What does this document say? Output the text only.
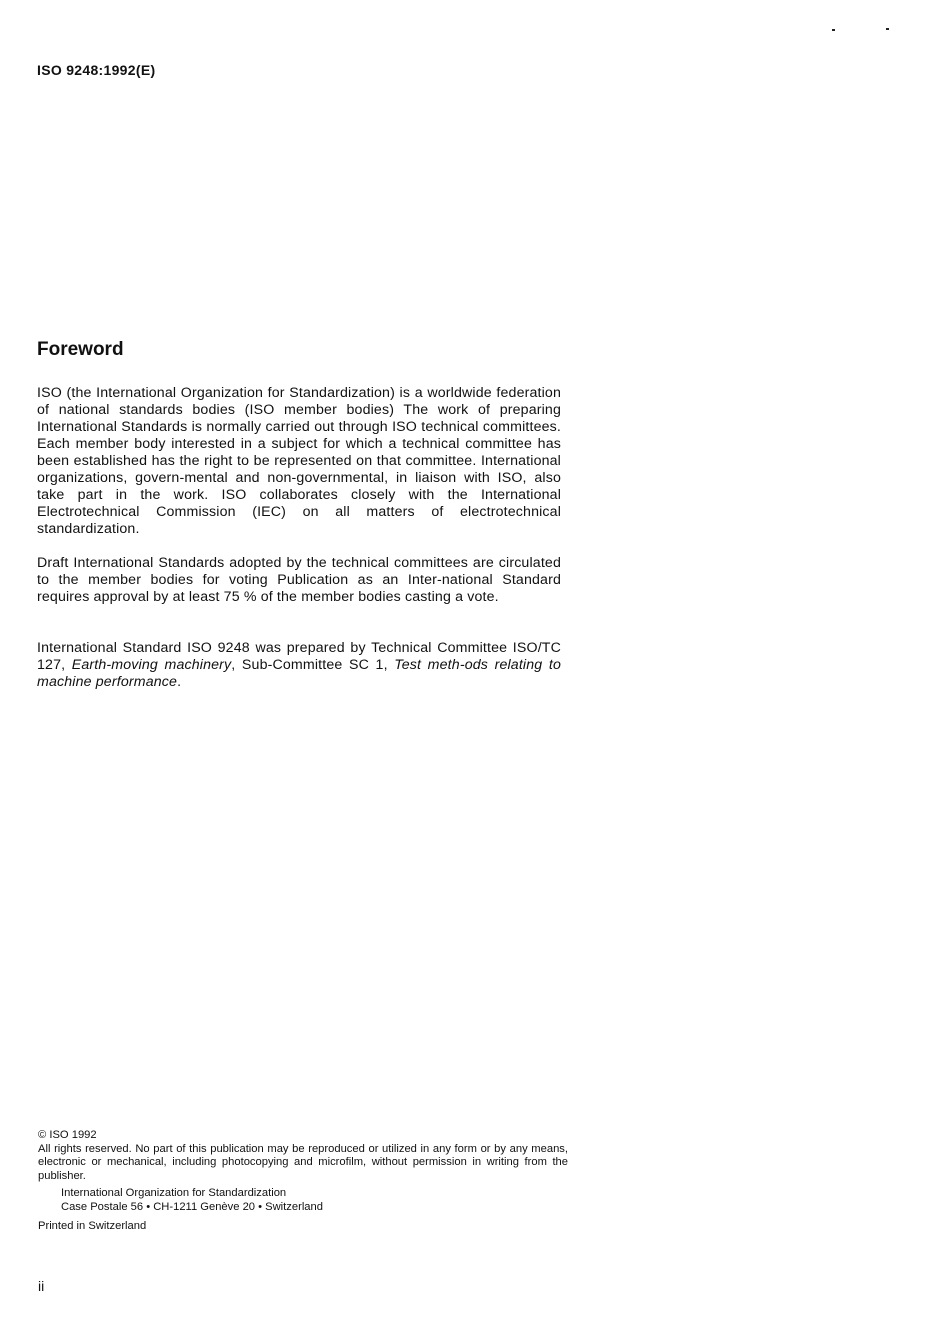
ISO 9248:1992(E)
Foreword

ISO (the International Organization for Standardization) is a worldwide federation of national standards bodies (ISO member bodies) The work of preparing International Standards is normally carried out through ISO technical committees. Each member body interested in a subject for which a technical committee has been established has the right to be represented on that committee. International organizations, govern-mental and non-governmental, in liaison with ISO, also take part in the work. ISO collaborates closely with the International Electrotechnical Commission (IEC) on all matters of electrotechnical standardization.

Draft International Standards adopted by the technical committees are circulated to the member bodies for voting Publication as an Inter-national Standard requires approval by at least 75 % of the member bodies casting a vote.

International Standard ISO 9248 was prepared by Technical Committee ISO/TC 127, Earth-moving machinery, Sub-Committee SC 1, Test meth-ods relating to machine performance.

© ISO 1992
All rights reserved. No part of this publication may be reproduced or utilized in any form or by any means, electronic or mechanical, including photocopying and microfilm, without permission in writing from the publisher.
International Organization for Standardization
Case Postale 56 • CH-1211 Genève 20 • Switzerland
Printed in Switzerland
ii
